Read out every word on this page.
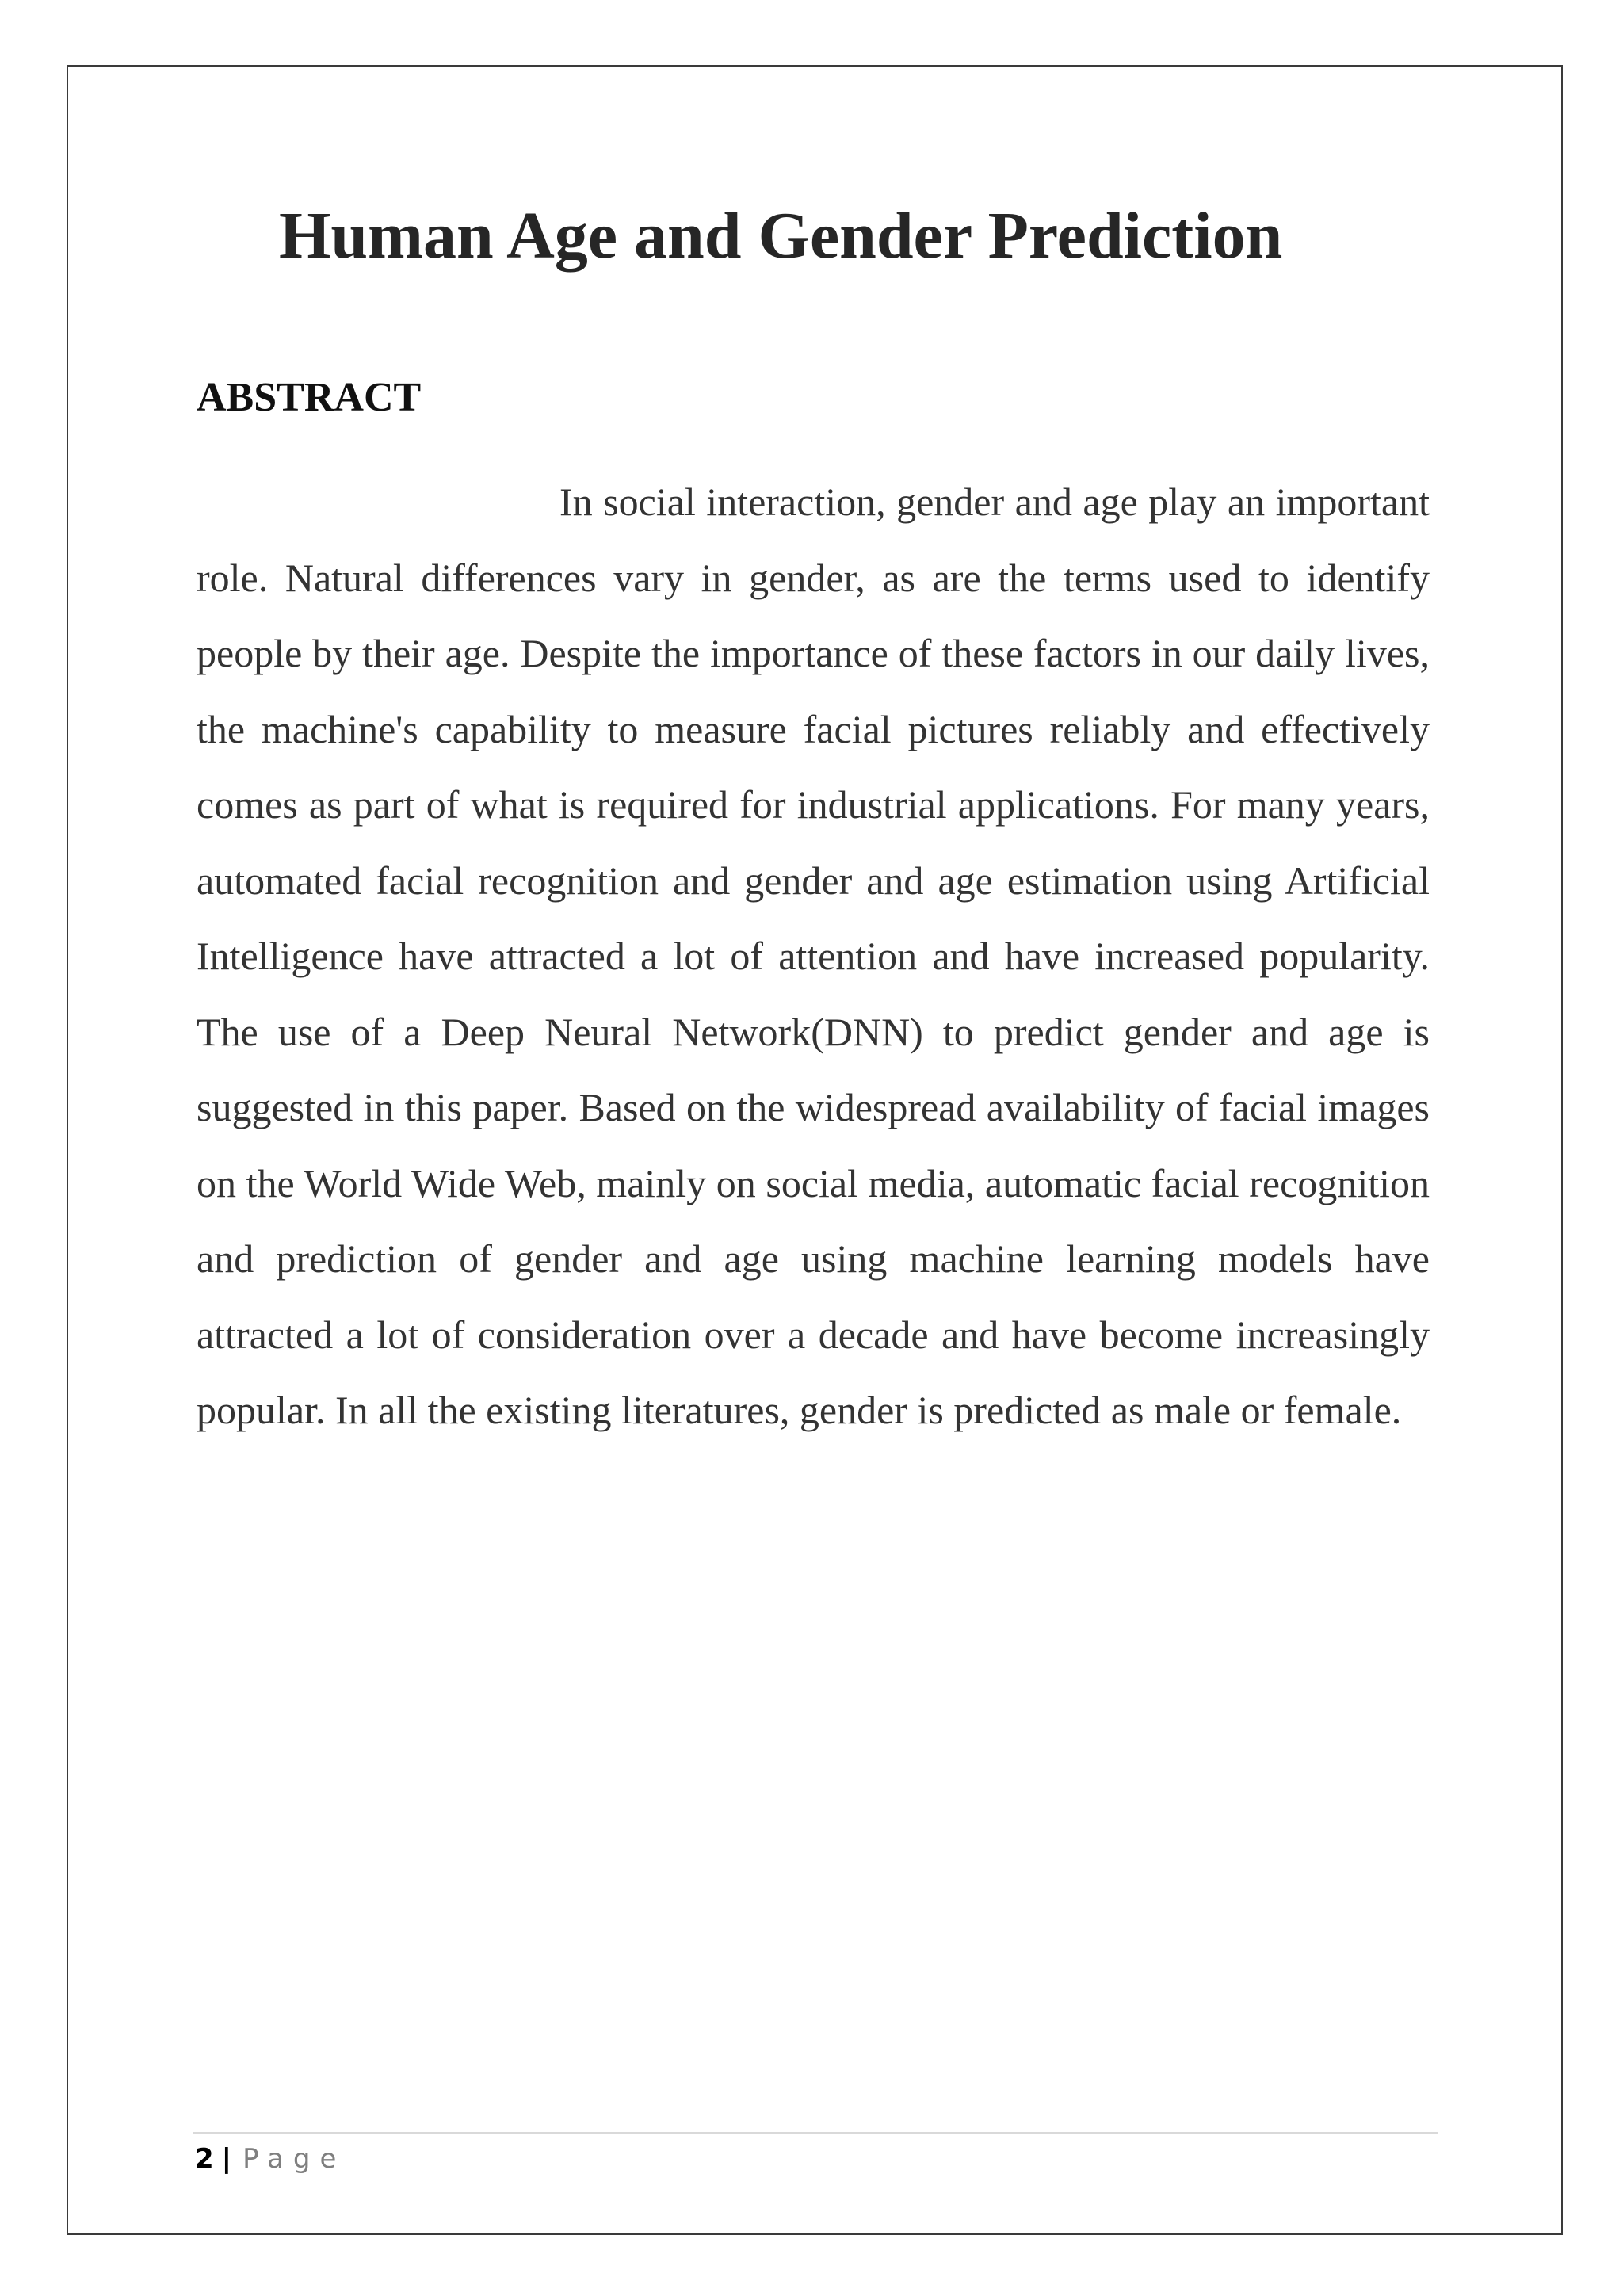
Human Age and Gender Prediction
ABSTRACT

In social interaction, gender and age play an important role. Natural differences vary in gender, as are the terms used to identify people by their age. Despite the importance of these factors in our daily lives, the machine's capability to measure facial pictures reliably and effectively comes as part of what is required for industrial applications. For many years, automated facial recognition and gender and age estimation using Artificial Intelligence have attracted a lot of attention and have increased popularity. The use of a Deep Neural Network(DNN) to predict gender and age is suggested in this paper. Based on the widespread availability of facial images on the World Wide Web, mainly on social media, automatic facial recognition and prediction of gender and age using machine learning models have attracted a lot of consideration over a decade and have become increasingly popular. In all the existing literatures, gender is predicted as male or female.

2 | Page
